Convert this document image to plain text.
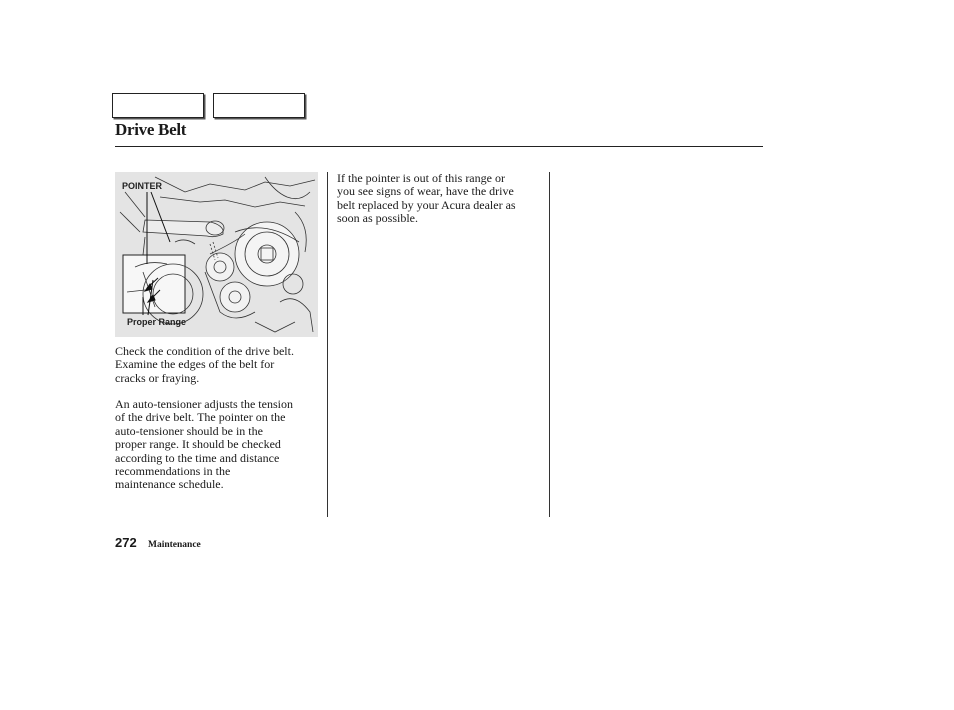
Drive Belt
POINTER
Proper Range

Check the condition of the drive belt.
Examine the edges of the belt for
cracks or fraying.

An auto-tensioner adjusts the tension
of the drive belt. The pointer on the
auto-tensioner should be in the
proper range. It should be checked
according to the time and distance
recommendations in the
maintenance schedule.

If the pointer is out of this range or
you see signs of wear, have the drive
belt replaced by your Acura dealer as
soon as possible.

272 Maintenance
